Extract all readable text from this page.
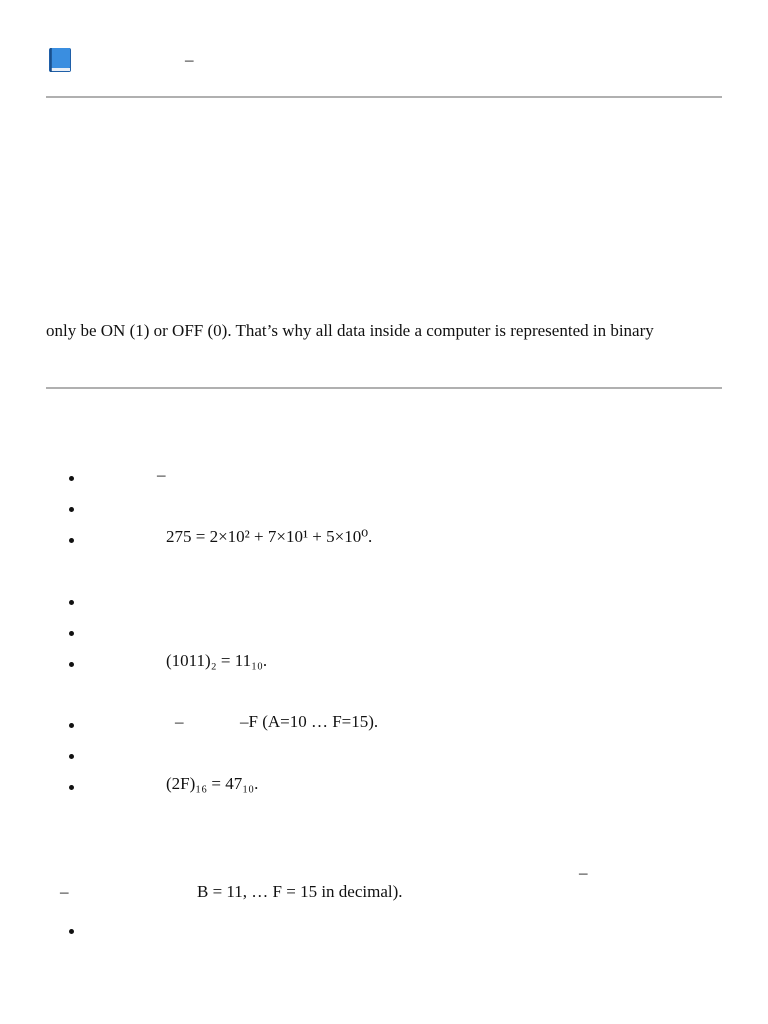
–
only be ON (1) or OFF (0). That’s why all data inside a computer is represented in binary
–
275 = 2×10² + 7×10¹ + 5×10⁰.
(1011)₂ = 11₁₀.
–	–F (A=10 … F=15).
(2F)₁₆ = 47₁₀.
–
–	B = 11, … F = 15 in decimal).
